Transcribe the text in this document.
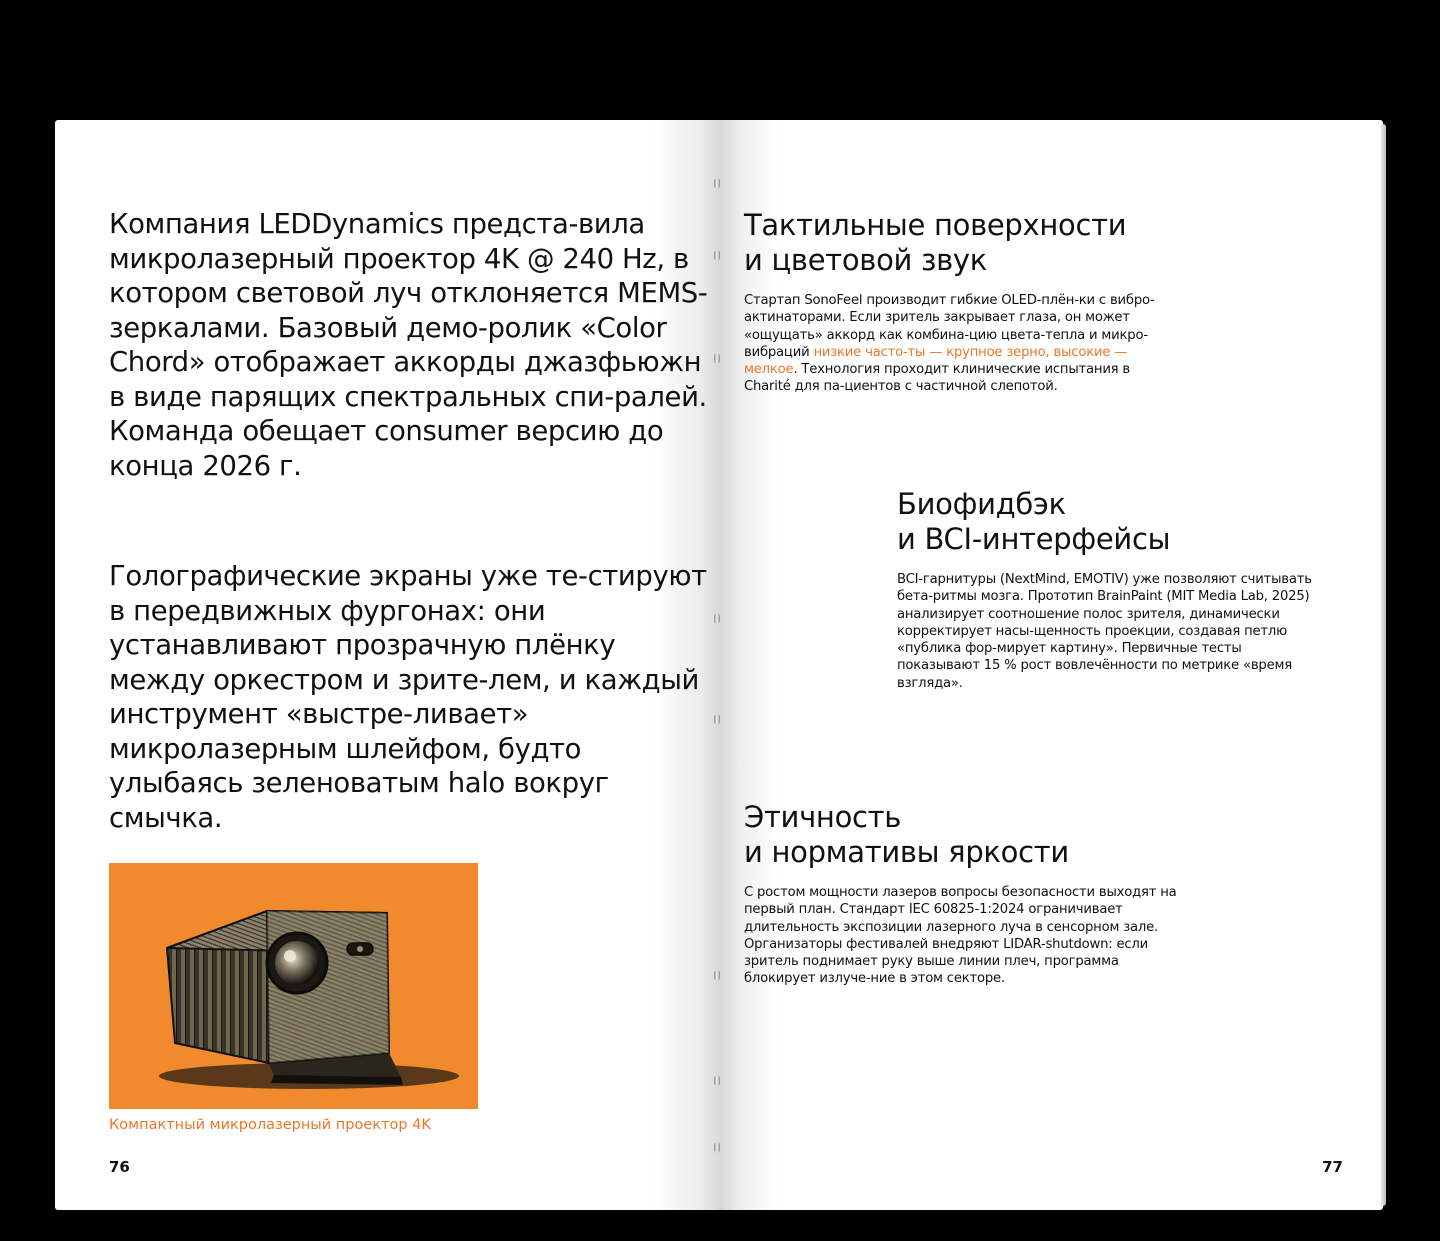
Компания LEDDynamics предста-вила микролазерный проектор 4K @ 240 Hz, в котором световой луч отклоняется MEMS-зеркалами. Базовый демо-ролик «Color Chord» отображает аккорды джазфьюжн в виде парящих спектральных спи-ралей. Команда обещает consumer версию до конца 2026 г.

Голографические экраны уже те-стируют в передвижных фургонах: они устанавливают прозрачную плёнку между оркестром и зрите-лем, и каждый инструмент «выстре-ливает» микролазерным шлейфом, будто улыбаясь зеленоватым halo вокруг смычка.

Компактный микролазерный проектор 4K

76

Тактильные поверхности
и цветовой звук

Стартап SonoFeel производит гибкие OLED-плён-ки с вибро-актинаторами. Если зритель закрывает глаза, он может «ощущать» аккорд как комбина-цию цвета-тепла и микро-вибраций низкие часто-ты — крупное зерно, высокие — мелкое. Технология проходит клинические испытания в Charité для па-циентов с частичной слепотой.

Биофидбэк
и BCI-интерфейсы

BCI-гарнитуры (NextMind, EMOTIV) уже позволяют считывать бета-ритмы мозга. Прототип BrainPaint (MIT Media Lab, 2025) анализирует соотношение полос зрителя, динамически корректирует насы-щенность проекции, создавая петлю «публика фор-мирует картину». Первичные тесты показывают 15 % рост вовлечённости по метрике «время взгляда».

Этичность
и нормативы яркости

С ростом мощности лазеров вопросы безопасности выходят на первый план. Стандарт IEC 60825-1:2024 ограничивает длительность экспозиции лазерного луча в сенсорном зале. Организаторы фестивалей внедряют LIDAR-shutdown: если зритель поднимает руку выше линии плеч, программа блокирует излуче-ние в этом секторе.

77
